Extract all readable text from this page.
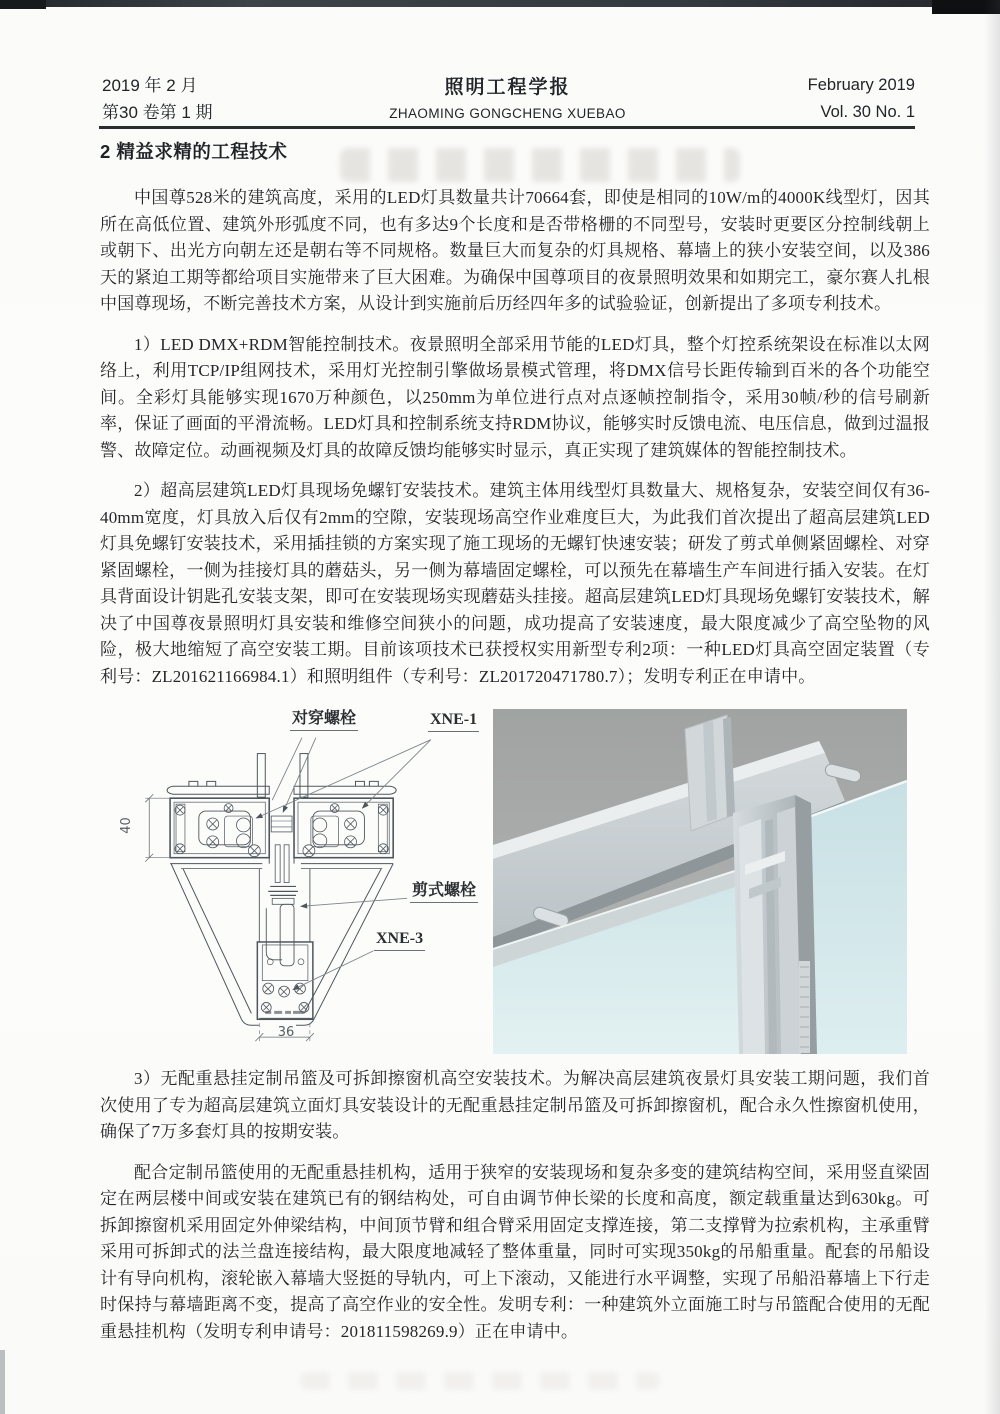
2019 年 2 月
第30 卷第 1 期
照明工程学报
ZHAOMING GONGCHENG XUEBAO
February 2019
Vol. 30 No. 1
2 精益求精的工程技术

中国尊528米的建筑高度，采用的LED灯具数量共计70664套，即使是相同的10W/m的4000K线型灯，因其所在高低位置、建筑外形弧度不同，也有多达9个长度和是否带格栅的不同型号，安装时更要区分控制线朝上或朝下、出光方向朝左还是朝右等不同规格。数量巨大而复杂的灯具规格、幕墙上的狭小安装空间，以及386天的紧迫工期等都给项目实施带来了巨大困难。为确保中国尊项目的夜景照明效果和如期完工，豪尔赛人扎根中国尊现场，不断完善技术方案，从设计到实施前后历经四年多的试验验证，创新提出了多项专利技术。

1）LED DMX+RDM智能控制技术。夜景照明全部采用节能的LED灯具，整个灯控系统架设在标准以太网络上，利用TCP/IP组网技术，采用灯光控制引擎做场景模式管理，将DMX信号长距传输到百米的各个功能空间。全彩灯具能够实现1670万种颜色，以250mm为单位进行点对点逐帧控制指令，采用30帧/秒的信号刷新率，保证了画面的平滑流畅。LED灯具和控制系统支持RDM协议，能够实时反馈电流、电压信息，做到过温报警、故障定位。动画视频及灯具的故障反馈均能够实时显示，真正实现了建筑媒体的智能控制技术。

2）超高层建筑LED灯具现场免螺钉安装技术。建筑主体用线型灯具数量大、规格复杂，安装空间仅有36-40mm宽度，灯具放入后仅有2mm的空隙，安装现场高空作业难度巨大，为此我们首次提出了超高层建筑LED灯具免螺钉安装技术，采用插挂锁的方案实现了施工现场的无螺钉快速安装；研发了剪式单侧紧固螺栓、对穿紧固螺栓，一侧为挂接灯具的蘑菇头，另一侧为幕墙固定螺栓，可以预先在幕墙生产车间进行插入安装。在灯具背面设计钥匙孔安装支架，即可在安装现场实现蘑菇头挂接。超高层建筑LED灯具现场免螺钉安装技术，解决了中国尊夜景照明灯具安装和维修空间狭小的问题，成功提高了安装速度，最大限度减少了高空坠物的风险，极大地缩短了高空安装工期。目前该项技术已获授权实用新型专利2项：一种LED灯具高空固定装置（专利号：ZL201621166984.1）和照明组件（专利号：ZL201720471780.7）；发明专利正在申请中。

对穿螺栓	XNE-1
剪式螺栓
XNE-3
40
36

3）无配重悬挂定制吊篮及可拆卸擦窗机高空安装技术。为解决高层建筑夜景灯具安装工期问题，我们首次使用了专为超高层建筑立面灯具安装设计的无配重悬挂定制吊篮及可拆卸擦窗机，配合永久性擦窗机使用，确保了7万多套灯具的按期安装。

配合定制吊篮使用的无配重悬挂机构，适用于狭窄的安装现场和复杂多变的建筑结构空间，采用竖直梁固定在两层楼中间或安装在建筑已有的钢结构处，可自由调节伸长梁的长度和高度，额定载重量达到630kg。可拆卸擦窗机采用固定外伸梁结构，中间顶节臂和组合臂采用固定支撑连接，第二支撑臂为拉索机构，主承重臂采用可拆卸式的法兰盘连接结构，最大限度地减轻了整体重量，同时可实现350kg的吊船重量。配套的吊船设计有导向机构，滚轮嵌入幕墙大竖挺的导轨内，可上下滚动，又能进行水平调整，实现了吊船沿幕墙上下行走时保持与幕墙距离不变，提高了高空作业的安全性。发明专利：一种建筑外立面施工时与吊篮配合使用的无配重悬挂机构（发明专利申请号：201811598269.9）正在申请中。
